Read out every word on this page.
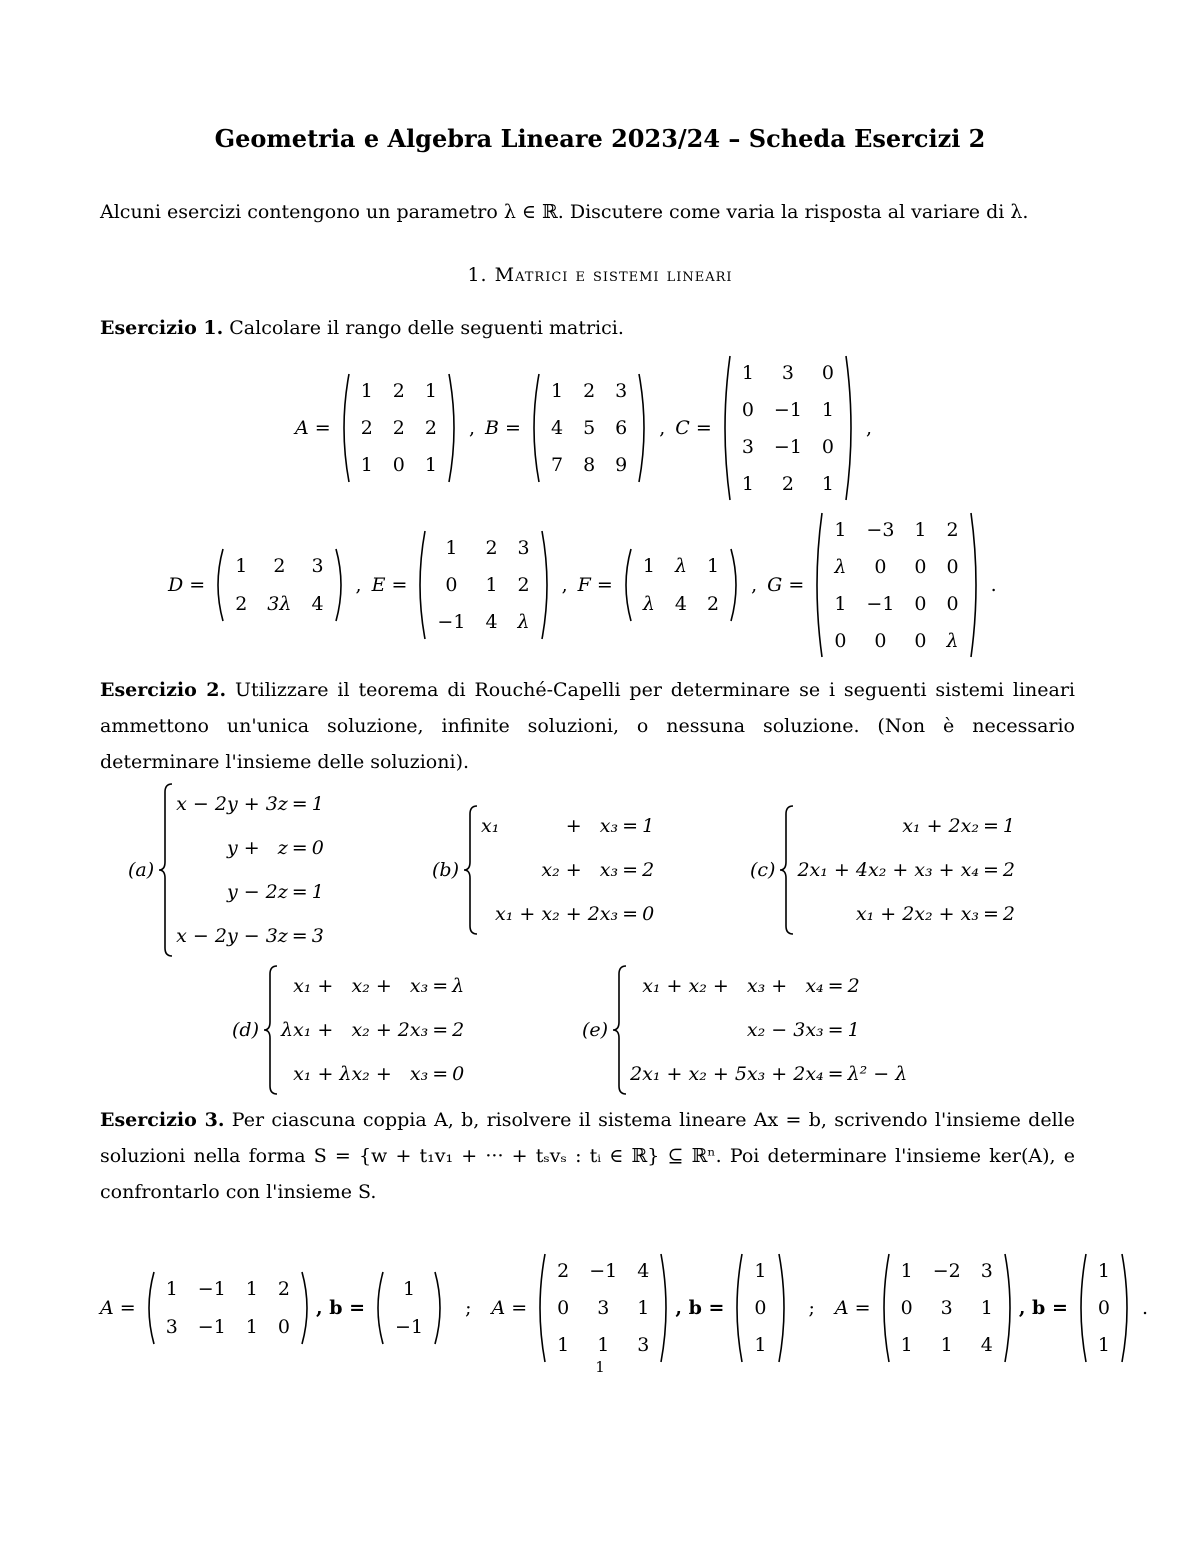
Geometria e Algebra Lineare 2023/24 – Scheda Esercizi 2
Alcuni esercizi contengono un parametro λ ∈ ℝ. Discutere come varia la risposta al variare di λ.
1. Matrici e sistemi lineari
Esercizio 1. Calcolare il rango delle seguenti matrici.
A =
1	2	1
2	2	2
1	0	1
, B =
1	2	3
4	5	6
7	8	9
, C =
1	3	0
0	−1	1
3	−1	0
1	2	1
,
D =
1	2	3
2	3λ	4
, E =
1	2	3
0	1	2
−1	4	λ
, F =
1	λ	1
λ	4	2
, G =
1	−3	1	2
λ	0	0	0
1	−1	0	0
0	0	0	λ
.
Esercizio 2. Utilizzare il teorema di Rouché-Capelli per determinare se i seguenti sistemi lineari ammettono un'unica soluzione, infinite soluzioni, o nessuna soluzione. (Non è necessario determinare l'insieme delle soluzioni).
(a)
x − 2y + 3z	=	1
y +   z	=	0
y − 2z	=	1
x − 2y − 3z	=	3
(b)
x₁           +   x₃	=	1
x₂ +   x₃	=	2
x₁ + x₂ + 2x₃	=	0
(c)
x₁ + 2x₂	=	1
2x₁ + 4x₂ + x₃ + x₄	=	2
x₁ + 2x₂ + x₃	=	2
(d)
x₁ +   x₂ +   x₃	=	λ
λx₁ +   x₂ + 2x₃	=	2
x₁ + λx₂ +   x₃	=	0
(e)
x₁ + x₂ +   x₃ +   x₄	=	2
x₂ − 3x₃	=	1
2x₁ + x₂ + 5x₃ + 2x₄	=	λ² − λ
Esercizio 3. Per ciascuna coppia A, b, risolvere il sistema lineare Ax = b, scrivendo l'insieme delle soluzioni nella forma S = {w + t₁v₁ + ··· + tₛvₛ : tᵢ ∈ ℝ} ⊆ ℝⁿ. Poi determinare l'insieme ker(A), e confrontarlo con l'insieme S.
A =
1	−1	1	2
3	−1	1	0
, b =
1
−1
; A =
2	−1	4
0	3	1
1	1	3
, b =
1
0
1
; A =
1	−2	3
0	3	1
1	1	4
, b =
1
0
1
.
1
